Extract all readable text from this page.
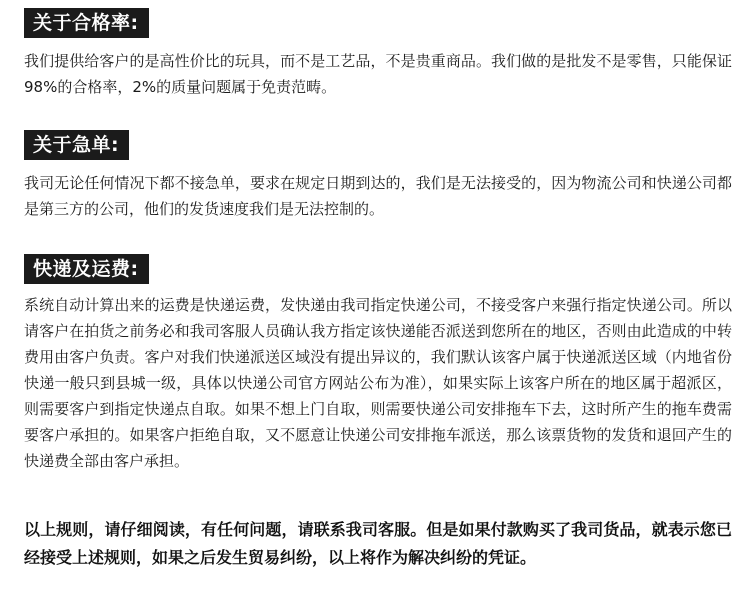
关于合格率:

我们提供给客户的是高性价比的玩具，而不是工艺品，不是贵重商品。我们做的是批发不是零售，只能保证98%的合格率，2%的质量问题属于免责范畴。

关于急单:

我司无论任何情况下都不接急单，要求在规定日期到达的，我们是无法接受的，因为物流公司和快递公司都是第三方的公司，他们的发货速度我们是无法控制的。

快递及运费:

系统自动计算出来的运费是快递运费，发快递由我司指定快递公司，不接受客户来强行指定快递公司。所以请客户在拍货之前务必和我司客服人员确认我方指定该快递能否派送到您所在的地区，否则由此造成的中转费用由客户负责。客户对我们快递派送区域没有提出异议的，我们默认该客户属于快递派送区域（内地省份快递一般只到县城一级，具体以快递公司官方网站公布为准），如果实际上该客户所在的地区属于超派区，则需要客户到指定快递点自取。如果不想上门自取，则需要快递公司安排拖车下去，这时所产生的拖车费需要客户承担的。如果客户拒绝自取，又不愿意让快递公司安排拖车派送，那么该票货物的发货和退回产生的快递费全部由客户承担。

以上规则，请仔细阅读，有任何问题，请联系我司客服。但是如果付款购买了我司货品，就表示您已经接受上述规则，如果之后发生贸易纠纷，以上将作为解决纠纷的凭证。
